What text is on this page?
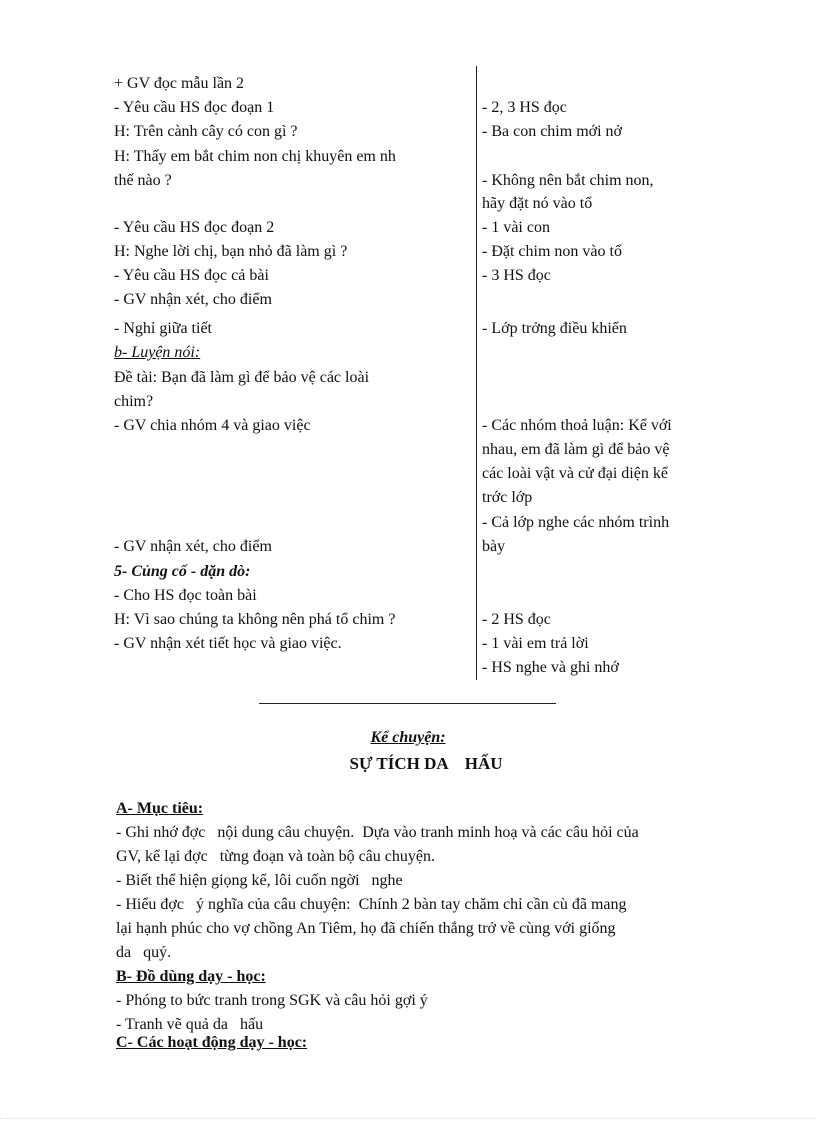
+ GV đọc mẫu lần 2
- Yêu cầu HS đọc đoạn 1
H: Trên cành cây có con gì ?
H: Thấy em bắt chim non chị khuyên em nh
thế nào ?
- Yêu cầu HS đọc đoạn 2
H: Nghe lời chị, bạn nhỏ đã làm gì ?
- Yêu cầu HS đọc cả bài
- GV nhận xét, cho điểm
- Nghỉ giữa tiết
b- Luyện nói:
Đề tài: Bạn đã làm gì để bảo vệ các loài
chim?
- GV chia nhóm 4 và giao việc
- GV nhận xét, cho điểm
5- Củng cố - dặn dò:
- Cho HS đọc toàn bài
H: Vì sao chúng ta không nên phá tổ chim ?
- GV nhận xét tiết học và giao việc.
- 2, 3 HS đọc
- Ba con chim mới nở
- Không nên bắt chim non,
hãy đặt nó vào tổ
- 1 vài con
- Đặt chim non vào tổ
- 3 HS đọc
- Lớp trởng điều khiển
- Các nhóm thoả luận: Kể với
nhau, em đã làm gì để bảo vệ
các loài vật và cử đại diện kể
trớc lớp
- Cả lớp nghe các nhóm trình
bày
- 2 HS đọc
- 1 vài em trả lời
- HS nghe và ghi nhớ
Kể chuyện:
SỰ TÍCH DA    HẤU
A- Mục tiêu:
- Ghi nhớ đợc   nội dung câu chuyện.  Dựa vào tranh minh hoạ và các câu hỏi của
GV, kể lại đợc   từng đoạn và toàn bộ câu chuyện.
- Biết thể hiện giọng kể, lôi cuốn ngời   nghe
- Hiểu đợc   ý nghĩa của câu chuyện:  Chính 2 bàn tay chăm chỉ cần cù đã mang
lại hạnh phúc cho vợ chồng An Tiêm, họ đã chiến thắng trở về cùng với giống
da   quý.
B- Đồ dùng dạy - học:
- Phóng to bức tranh trong SGK và câu hỏi gợi ý
- Tranh vẽ quả da   hấu
C- Các hoạt động dạy - học:
